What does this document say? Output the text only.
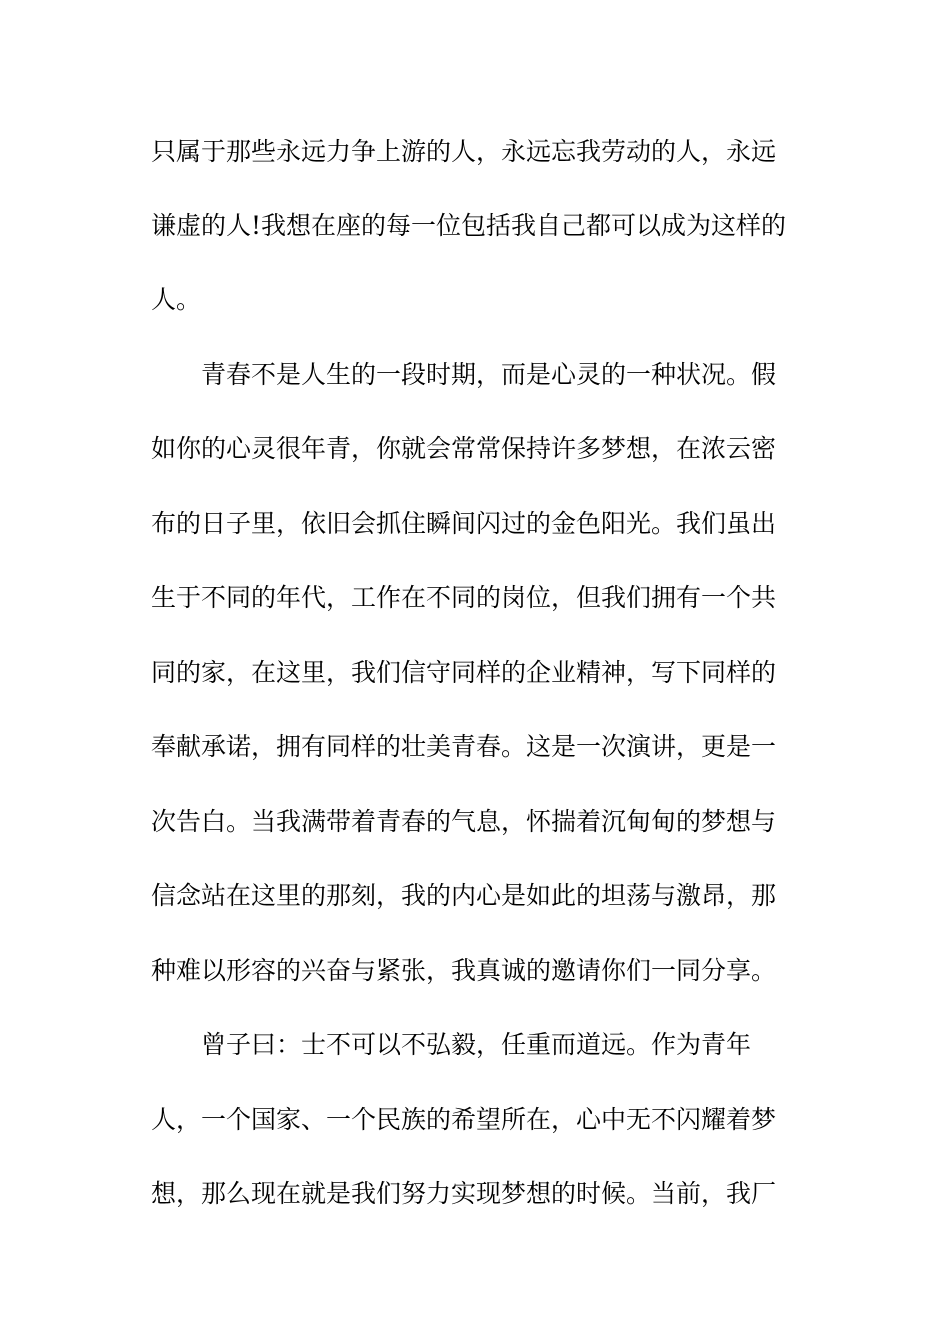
只属于那些永远力争上游的人，永远忘我劳动的人，永远
谦虚的人!我想在座的每一位包括我自己都可以成为这样的
人。
青春不是人生的一段时期，而是心灵的一种状况。假
如你的心灵很年青，你就会常常保持许多梦想，在浓云密
布的日子里，依旧会抓住瞬间闪过的金色阳光。我们虽出
生于不同的年代，工作在不同的岗位，但我们拥有一个共
同的家，在这里，我们信守同样的企业精神，写下同样的
奉献承诺，拥有同样的壮美青春。这是一次演讲，更是一
次告白。当我满带着青春的气息，怀揣着沉甸甸的梦想与
信念站在这里的那刻，我的内心是如此的坦荡与激昂，那
种难以形容的兴奋与紧张，我真诚的邀请你们一同分享。
曾子曰：士不可以不弘毅，任重而道远。作为青年
人，一个国家、一个民族的希望所在，心中无不闪耀着梦
想，那么现在就是我们努力实现梦想的时候。当前，我厂
